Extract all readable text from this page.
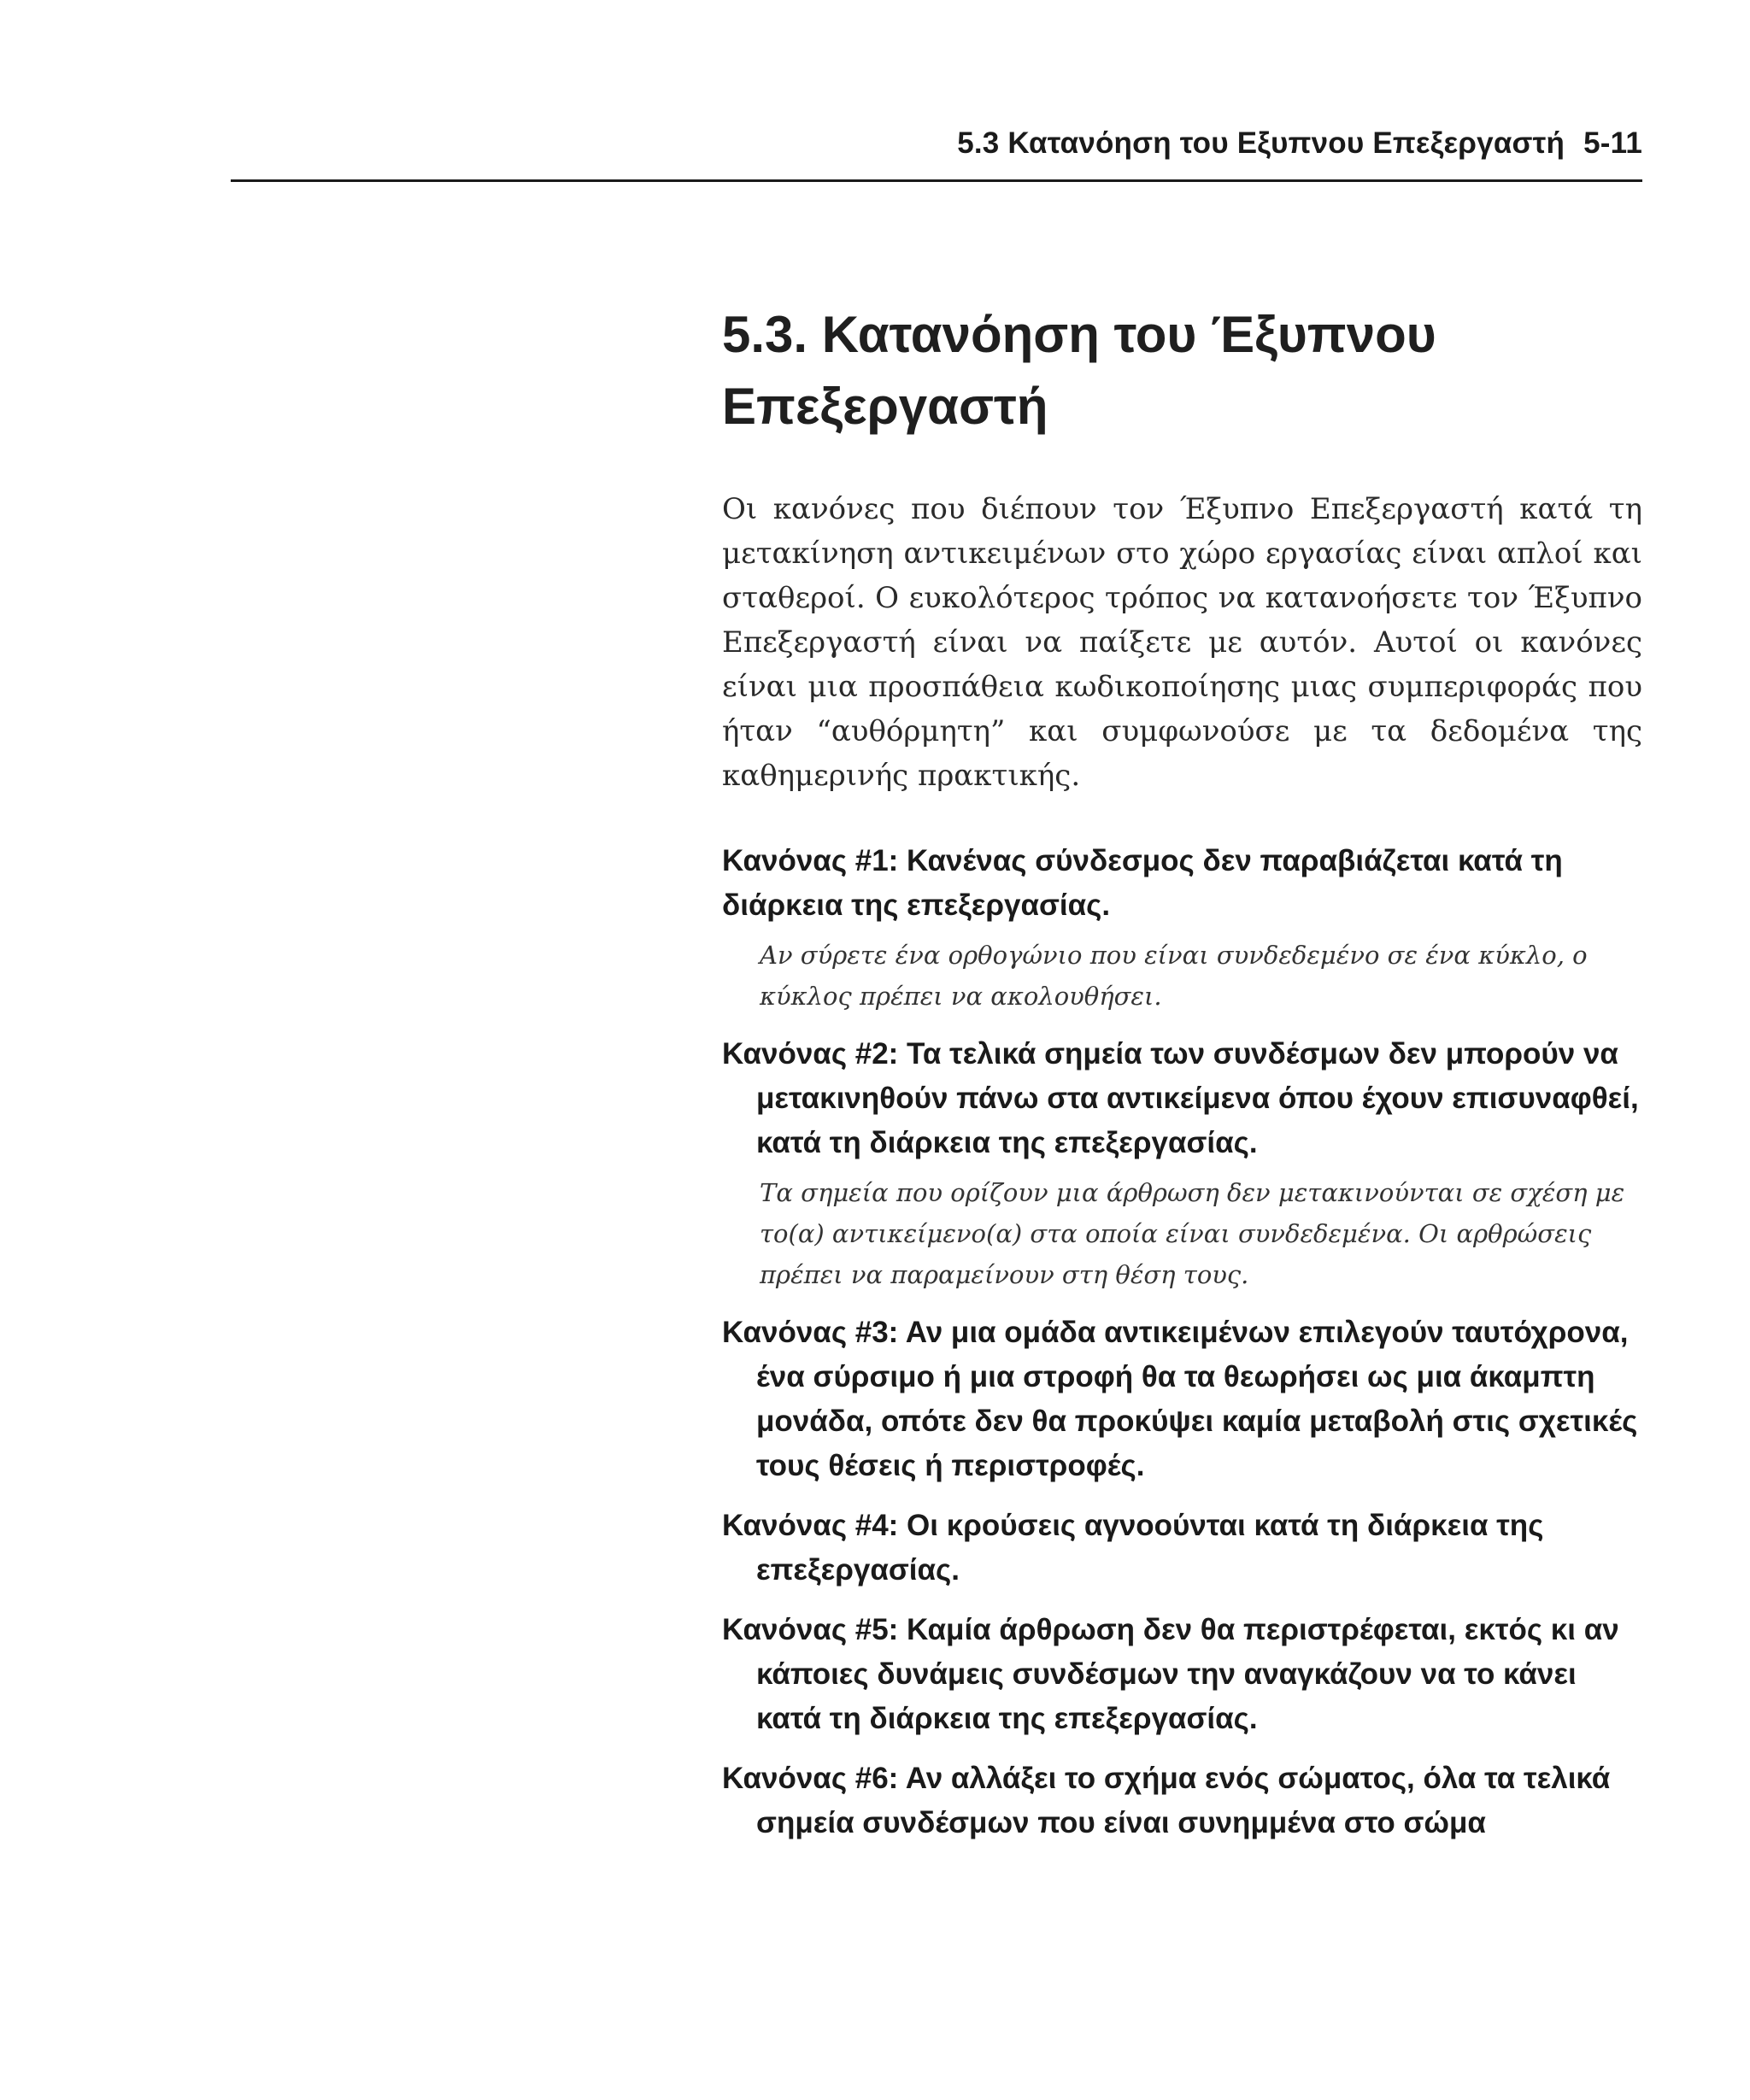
5.3 Κατανόηση του Εξυπνου Επεξεργαστή 5-11
5.3. Κατανόηση του Έξυπνου Επεξεργαστή

Οι κανόνες που διέπουν τον Έξυπνο Επεξεργαστή κατά τη μετακίνηση αντικειμένων στο χώρο εργασίας είναι απλοί και σταθεροί. Ο ευκολότερος τρόπος να κατανοήσετε τον Έξυπνο Επεξεργαστή είναι να παίξετε με αυτόν. Αυτοί οι κανόνες είναι μια προσπάθεια κωδικοποίησης μιας συμπεριφοράς που ήταν “αυθόρμητη” και συμφωνούσε με τα δεδομένα της καθημερινής πρακτικής.

Κανόνας #1: Κανένας σύνδεσμος δεν παραβιάζεται κατά τη διάρκεια της επεξεργασίας.
Αν σύρετε ένα ορθογώνιο που είναι συνδεδεμένο σε ένα κύκλο, ο κύκλος πρέπει να ακολουθήσει.
Κανόνας #2: Τα τελικά σημεία των συνδέσμων δεν μπορούν να μετακινηθούν πάνω στα αντικείμενα όπου έχουν επισυναφθεί, κατά τη διάρκεια της επεξεργασίας.
Τα σημεία που ορίζουν μια άρθρωση δεν μετακινούνται σε σχέση με το(α) αντικείμενο(α) στα οποία είναι συνδεδεμένα. Οι αρθρώσεις πρέπει να παραμείνουν στη θέση τους.
Κανόνας #3: Αν μια ομάδα αντικειμένων επιλεγούν ταυτόχρονα, ένα σύρσιμο ή μια στροφή θα τα θεωρήσει ως μια άκαμπτη μονάδα, οπότε δεν θα προκύψει καμία μεταβολή στις σχετικές τους θέσεις ή περιστροφές.
Κανόνας #4: Οι κρούσεις αγνοούνται κατά τη διάρκεια της επεξεργασίας.
Κανόνας #5: Καμία άρθρωση δεν θα περιστρέφεται, εκτός κι αν κάποιες δυνάμεις συνδέσμων την αναγκάζουν να το κάνει κατά τη διάρκεια της επεξεργασίας.
Κανόνας #6: Αν αλλάξει το σχήμα ενός σώματος, όλα τα τελικά σημεία συνδέσμων που είναι συνημμένα στο σώμα
